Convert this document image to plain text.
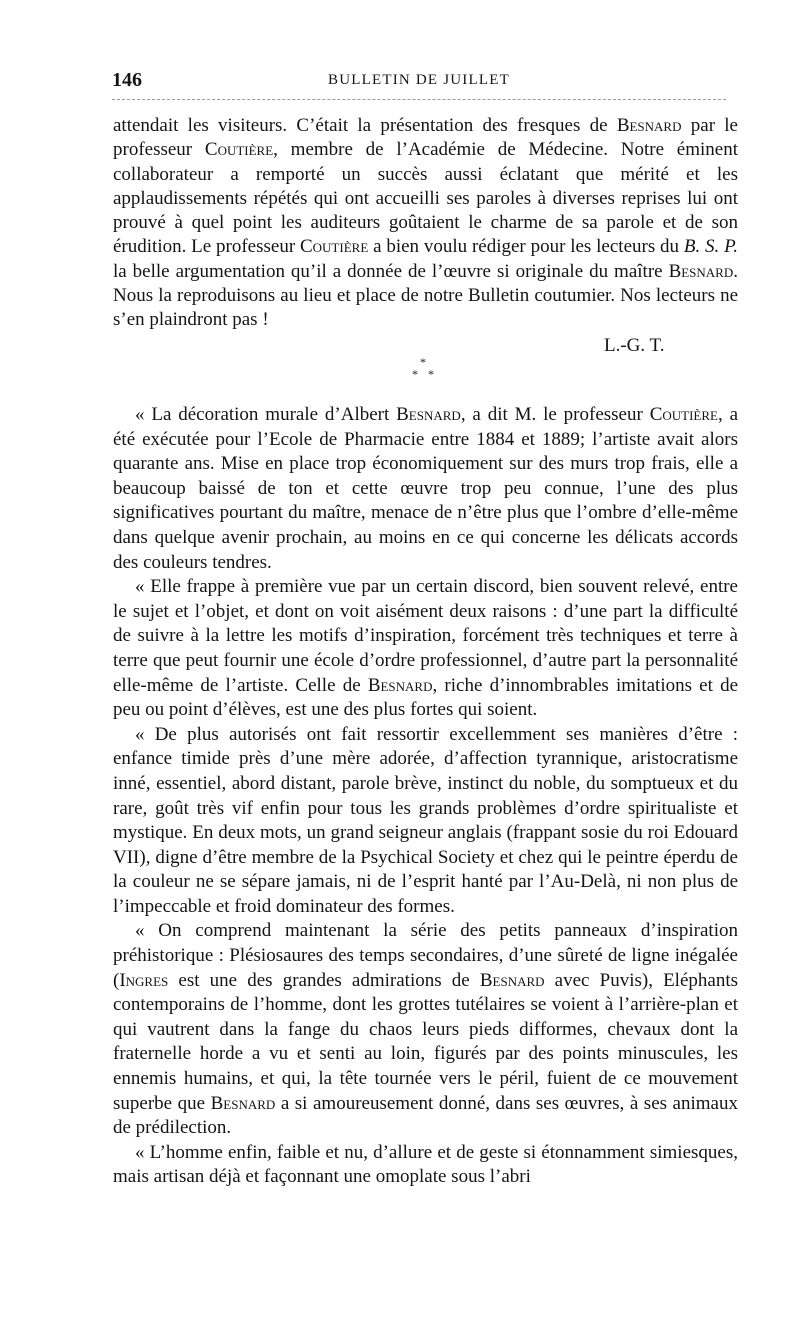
146	BULLETIN DE JUILLET

attendait les visiteurs. C’était la présentation des fresques de Besnard par le professeur Coutière, membre de l’Académie de Médecine. Notre éminent collaborateur a remporté un succès aussi éclatant que mérité et les applaudissements répétés qui ont accueilli ses paroles à diverses reprises lui ont prouvé à quel point les auditeurs goûtaient le charme de sa parole et de son érudition. Le professeur Coutière a bien voulu rédiger pour les lecteurs du B. S. P. la belle argumentation qu’il a donnée de l’œuvre si originale du maître Besnard. Nous la reproduisons au lieu et place de notre Bulletin coutumier. Nos lecteurs ne s’en plaindront pas !

L.-G. T.
*
* *

« La décoration murale d’Albert Besnard, a dit M. le professeur Coutière, a été exécutée pour l’Ecole de Pharmacie entre 1884 et 1889; l’artiste avait alors quarante ans. Mise en place trop économiquement sur des murs trop frais, elle a beaucoup baissé de ton et cette œuvre trop peu connue, l’une des plus significatives pourtant du maître, menace de n’être plus que l’ombre d’elle-même dans quelque avenir prochain, au moins en ce qui concerne les délicats accords des couleurs tendres.

« Elle frappe à première vue par un certain discord, bien souvent relevé, entre le sujet et l’objet, et dont on voit aisément deux raisons : d’une part la difficulté de suivre à la lettre les motifs d’inspiration, forcément très techniques et terre à terre que peut fournir une école d’ordre professionnel, d’autre part la personnalité elle-même de l’artiste. Celle de Besnard, riche d’innombrables imitations et de peu ou point d’élèves, est une des plus fortes qui soient.

« De plus autorisés ont fait ressortir excellemment ses manières d’être : enfance timide près d’une mère adorée, d’affection tyrannique, aristocratisme inné, essentiel, abord distant, parole brève, instinct du noble, du somptueux et du rare, goût très vif enfin pour tous les grands problèmes d’ordre spiritualiste et mystique. En deux mots, un grand seigneur anglais (frappant sosie du roi Edouard VII), digne d’être membre de la Psychical Society et chez qui le peintre éperdu de la couleur ne se sépare jamais, ni de l’esprit hanté par l’Au-Delà, ni non plus de l’impeccable et froid dominateur des formes.

« On comprend maintenant la série des petits panneaux d’inspiration préhistorique : Plésiosaures des temps secondaires, d’une sûreté de ligne inégalée (Ingres est une des grandes admirations de Besnard avec Puvis), Eléphants contemporains de l’homme, dont les grottes tutélaires se voient à l’arrière-plan et qui vautrent dans la fange du chaos leurs pieds difformes, chevaux dont la fraternelle horde a vu et senti au loin, figurés par des points minuscules, les ennemis humains, et qui, la tête tournée vers le péril, fuient de ce mouvement superbe que Besnard a si amoureusement donné, dans ses œuvres, à ses animaux de prédilection.

« L’homme enfin, faible et nu, d’allure et de geste si étonnamment simiesques, mais artisan déjà et façonnant une omoplate sous l’abri
